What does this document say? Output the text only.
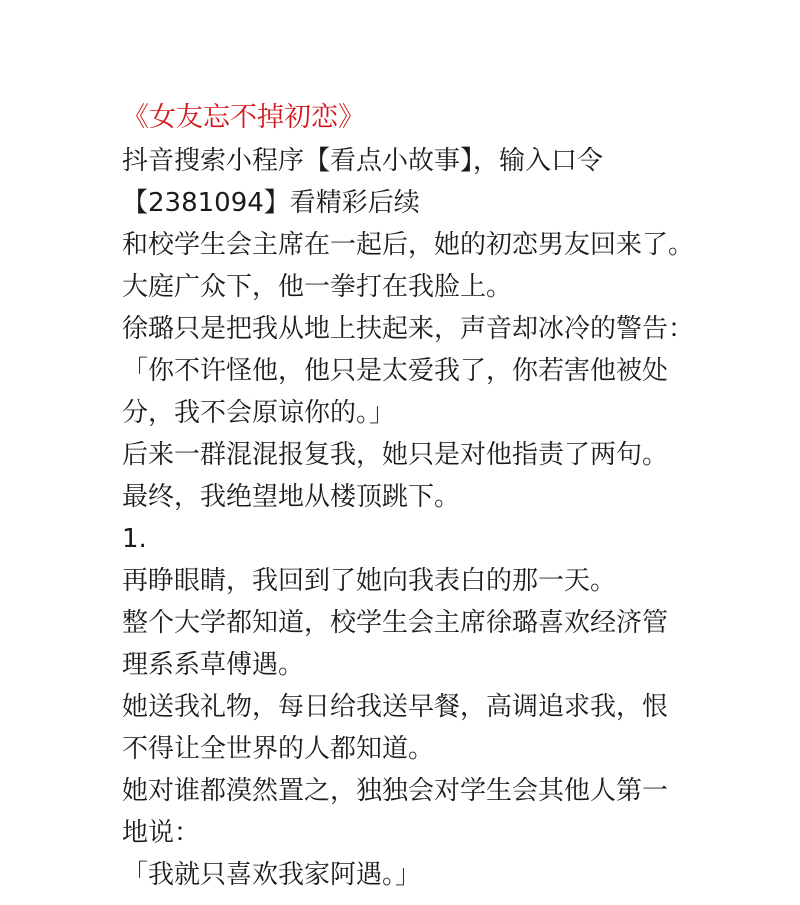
《女友忘不掉初恋》
抖音搜索小程序【看点小故事】，输入口令
【2381094】看精彩后续
和校学生会主席在一起后，她的初恋男友回来了。
大庭广众下，他一拳打在我脸上。
徐璐只是把我从地上扶起来，声音却冰冷的警告：
「你不许怪他，他只是太爱我了，你若害他被处
分，我不会原谅你的。」
后来一群混混报复我，她只是对他指责了两句。
最终，我绝望地从楼顶跳下。
1.
再睁眼睛，我回到了她向我表白的那一天。
整个大学都知道，校学生会主席徐璐喜欢经济管
理系系草傅遇。
她送我礼物，每日给我送早餐，高调追求我，恨
不得让全世界的人都知道。
她对谁都漠然置之，独独会对学生会其他人第一
地说：
「我就只喜欢我家阿遇。」
